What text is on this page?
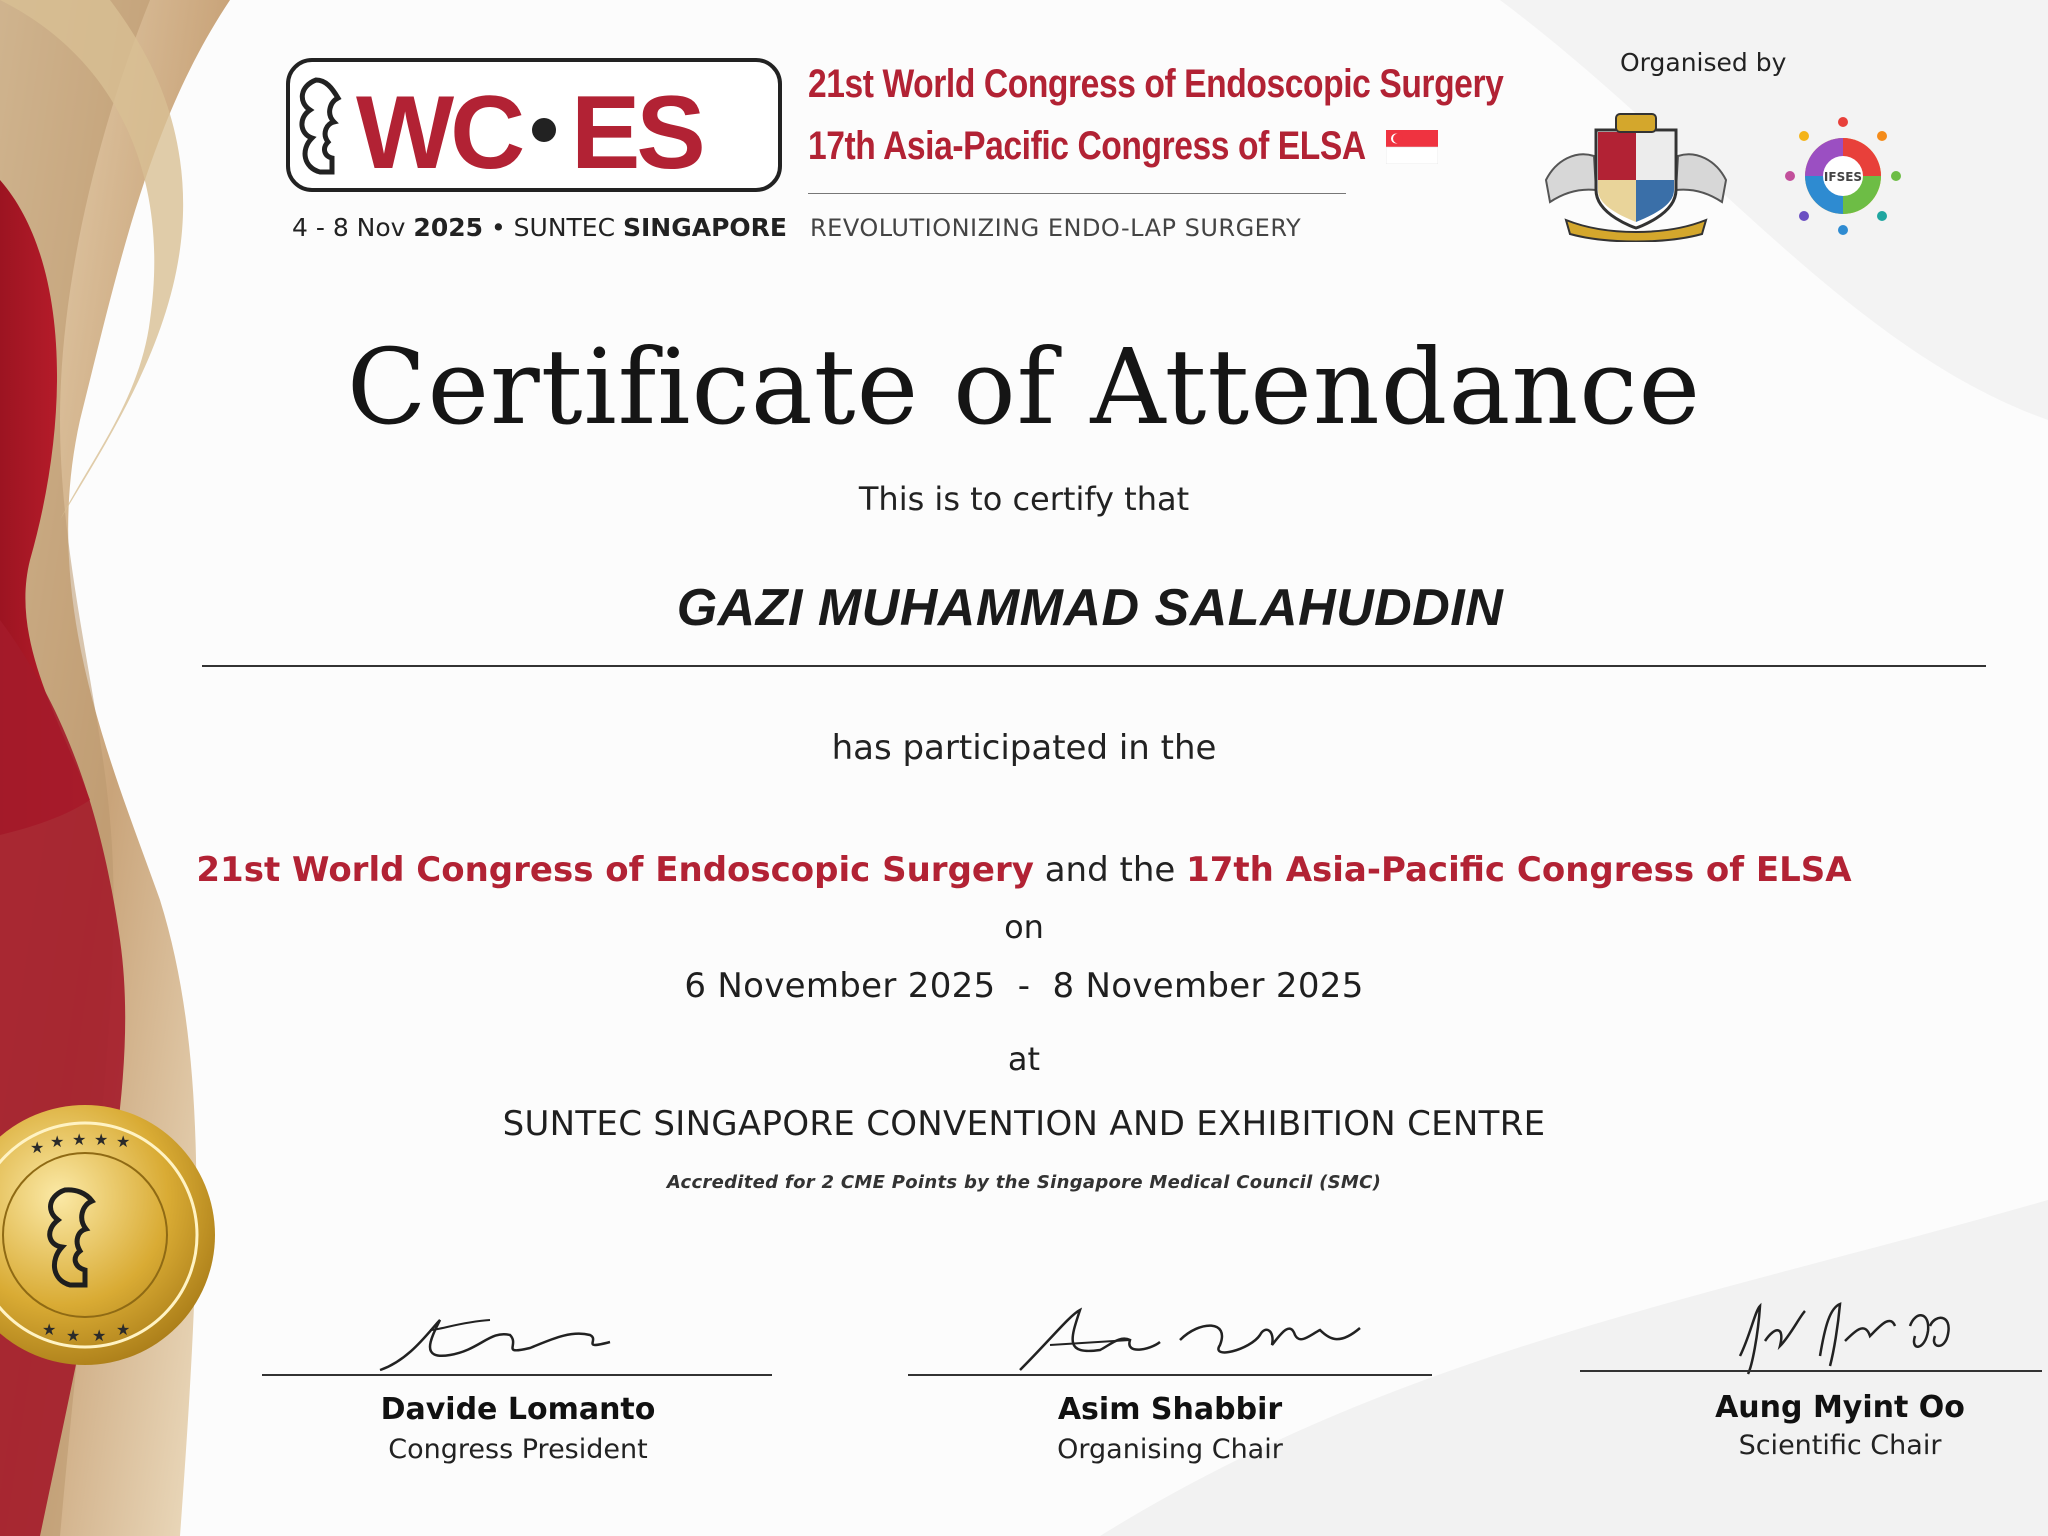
★ ★ ★ ★ ★
★ ★ ★ ★
WC ES	21st World Congress of Endoscopic Surgery
17th Asia-Pacific Congress of ELSA
4 - 8 Nov 2025 • SUNTEC SINGAPORE REVOLUTIONIZING ENDO-LAP SURGERY
Organised by
IFSES
Certificate of Attendance
This is to certify that
GAZI MUHAMMAD SALAHUDDIN
has participated in the
21st World Congress of Endoscopic Surgery and the 17th Asia-Pacific Congress of ELSA
on
6 November 2025  -  8 November 2025
at
SUNTEC SINGAPORE CONVENTION AND EXHIBITION CENTRE
Accredited for 2 CME Points by the Singapore Medical Council (SMC)
Davide Lomanto
Congress President
Asim Shabbir
Organising Chair
Aung Myint Oo
Scientific Chair
